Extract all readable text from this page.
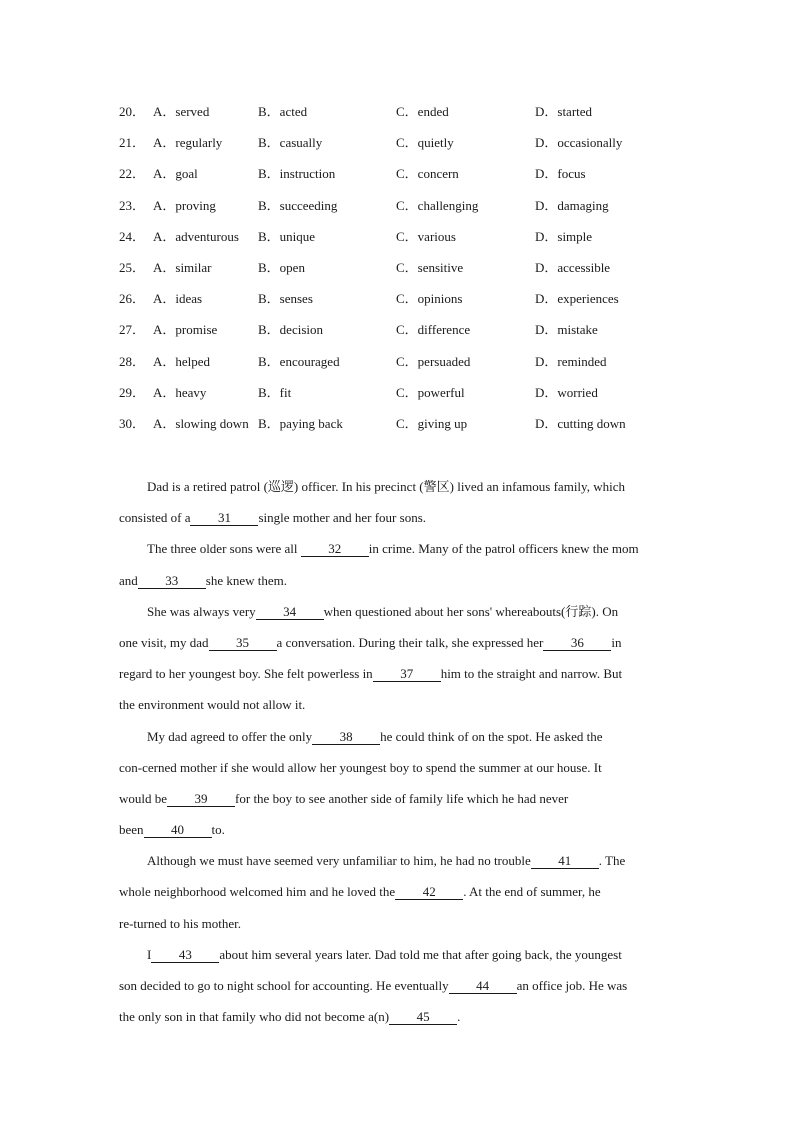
20． A．served	B．acted	C．ended	D．started
21． A．regularly	B．casually	C．quietly	D．occasionally
22． A．goal	B．instruction	C．concern	D．focus
23． A．proving	B．succeeding	C．challenging	D．damaging
24． A．adventurous B．unique	C．various	D．simple
25． A．similar	B．open	C．sensitive	D．accessible
26． A．ideas	B．senses	C．opinions	D．experiences
27． A．promise	B．decision	C．difference	D．mistake
28． A．helped	B．encouraged	C．persuaded	D．reminded
29． A．heavy	B．fit	C．powerful	D．worried
30． A．slowing down B．paying back	C．giving up	D．cutting down
Dad is a retired patrol (巡逻) officer. In his precinct (警区) lived an infamous family, which
consisted of a 31 single mother and her four sons.
The three older sons were all 32 in crime. Many of the patrol officers knew the mom
and 33 she knew them.
She was always very 34 when questioned about her sons' whereabouts(行踪). On
one visit, my dad 35 a conversation. During their talk, she expressed her 36 in
regard to her youngest boy. She felt powerless in 37 him to the straight and narrow. But
the environment would not allow it.
My dad agreed to offer the only 38 he could think of on the spot. He asked the
con-cerned mother if she would allow her youngest boy to spend the summer at our house. It
would be 39 for the boy to see another side of family life which he had never
been 40 to.
Although we must have seemed very unfamiliar to him, he had no trouble 41 . The
whole neighborhood welcomed him and he loved the 42 . At the end of summer, he
re-turned to his mother.
I 43 about him several years later. Dad told me that after going back, the youngest
son decided to go to night school for accounting. He eventually 44 an office job. He was
the only son in that family who did not become a(n) 45 .
